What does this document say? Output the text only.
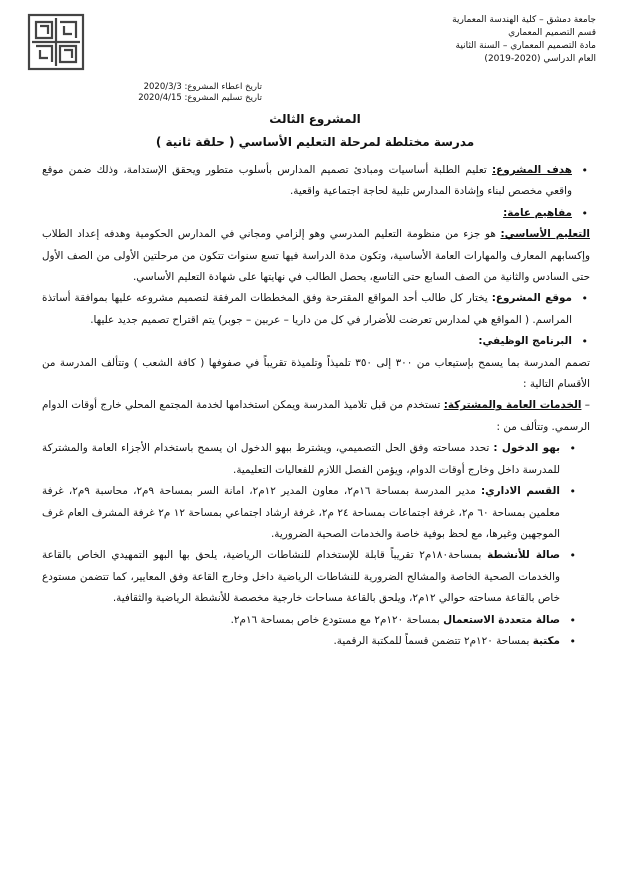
جامعة دمشق – كلية الهندسة المعمارية
قسم التصميم المعماري
مادة التصميم المعماري – السنة الثانية
العام الدراسي (2020-2019)
تاريخ اعطاء المشروع: 2020/3/3
تاريخ تسليم المشروع: 2020/4/15
المشروع الثالث
مدرسة مختلطة لمرحلة التعليم الأساسي ( حلقة ثانية )

• هدف المشروع: تعليم الطلبة أساسيات ومبادئ تصميم المدارس بأسلوب متطور ويحقق الإستدامة، وذلك ضمن موقع واقعي مخصص لبناء وإشادة المدارس تلبية لحاجة اجتماعية واقعية.

• مفاهيم عامة:

التعليم الأساسي: هو جزء من منظومة التعليم المدرسي وهو إلزامي ومجاني في المدارس الحكومية وهدفه إعداد الطلاب وإكسابهم المعارف والمهارات العامة الأساسية، وتكون مدة الدراسة فيها تسع سنوات تتكون من مرحلتين الأولى من الصف الأول حتى السادس والثانية من الصف السابع حتى التاسع، يحصل الطالب في نهايتها على شهادة التعليم الأساسي.

• موقع المشروع: يختار كل طالب أحد المواقع المقترحة وفق المخططات المرفقة لتصميم مشروعه عليها بموافقة أساتذة المراسم. ( المواقع هي لمدارس تعرضت للأضرار في كل من داريا – عربين – جوبر) يتم اقتراح تصميم جديد عليها.

• البرنامج الوظيفي:

تصمم المدرسة بما يسمح بإستيعاب من ٣٠٠ إلى ٣٥٠ تلميذاً وتلميذة تقريباً في صفوفها ( كافة الشعب ) وتتألف المدرسة من الأقسام التالية :

– الخدمات العامة والمشتركة: تستخدم من قبل تلاميذ المدرسة ويمكن استخدامها لخدمة المجتمع المحلي خارج أوقات الدوام الرسمي. وتتألف من :

• بهو الدخول : تحدد مساحته وفق الحل التصميمي، ويشترط ببهو الدخول ان يسمح باستخدام الأجزاء العامة والمشتركة للمدرسة داخل وخارج أوقات الدوام، ويؤمن الفصل اللازم للفعاليات التعليمية.

• القسم الاداري: مدير المدرسة بمساحة ١٦م٢، معاون المدير ١٢م٢، امانة السر بمساحة ٩م٢، محاسبة ٩م٢، غرفة معلمين بمساحة ٦٠ م٢، غرفة اجتماعات بمساحة ٢٤ م٢، غرفة ارشاد اجتماعي بمساحة ١٢ م٢ غرفة المشرف العام غرف الموجهين وغيرها، مع لحظ بوفية خاصة والخدمات الصحية الضرورية.

• صالة للأنشطة بمساحة١٨٠م٢ تقريباً قابلة للإستخدام للنشاطات الرياضية، يلحق بها البهو التمهيدي الخاص بالقاعة والخدمات الصحية الخاصة والمشالح الضرورية للنشاطات الرياضية داخل وخارج القاعة وفق المعايير، كما تتضمن مستودع خاص بالقاعة مساحته حوالي ١٢م٢، ويلحق بالقاعة مساحات خارجية مخصصة للأنشطة الرياضية والثقافية.

• صالة متعددة الاستعمال بمساحة ١٢٠م٢ مع مستودع خاص بمساحة ١٦م٢.

• مكتبة بمساحة ١٢٠م٢ تتضمن قسماً للمكتبة الرقمية.
